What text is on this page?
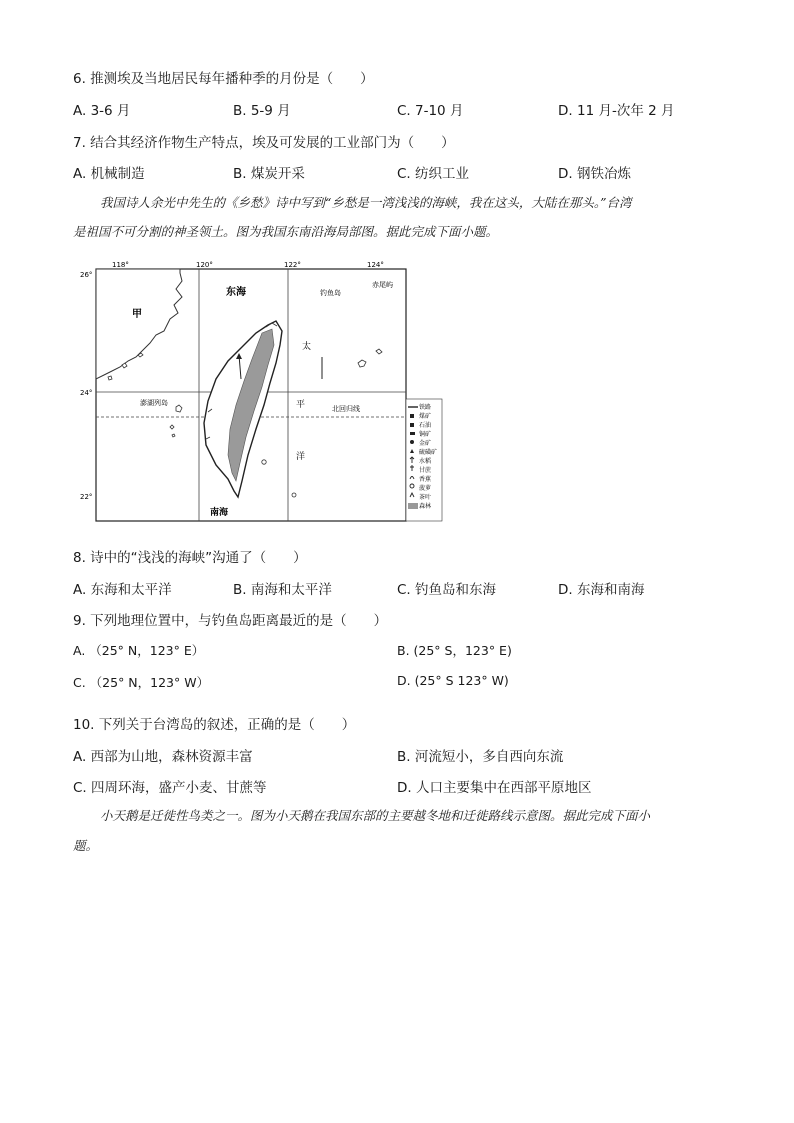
6. 推测埃及当地居民每年播种季的月份是（　　）
A. 3-6 月	B. 5-9 月	C. 7-10 月	D. 11 月-次年 2 月
7. 结合其经济作物生产特点，埃及可发展的工业部门为（　　）
A. 机械制造	B. 煤炭开采	C. 纺织工业	D. 钢铁冶炼
我国诗人余光中先生的《乡愁》诗中写到“乡愁是一湾浅浅的海峡，我在这头，大陆在那头。”台湾
是祖国不可分割的神圣领土。图为我国东南沿海局部图。据此完成下面小题。
118°	120°	122°	124°
26°
24°
22°
甲
东海	钓鱼岛
赤尾屿
太
平
洋
澎湖列岛
北回归线
南海
铁路
煤矿
石油
铜矿
金矿
硫磺矿
水稻
甘蔗
香蕉
菠萝
茶叶
森林
8. 诗中的“浅浅的海峡”沟通了（　　）
A. 东海和太平洋	B. 南海和太平洋	C. 钓鱼岛和东海	D. 东海和南海
9. 下列地理位置中，与钓鱼岛距离最近的是（　　）
A. （25° N，123° E）	B. (25° S，123° E)
C. （25° N，123° W）	D. (25° S 123° W)
10. 下列关于台湾岛的叙述，正确的是（　　）
A. 西部为山地，森林资源丰富	B. 河流短小，多自西向东流
C. 四周环海，盛产小麦、甘蔗等	D. 人口主要集中在西部平原地区
小天鹅是迁徙性鸟类之一。图为小天鹅在我国东部的主要越冬地和迁徙路线示意图。据此完成下面小
题。
